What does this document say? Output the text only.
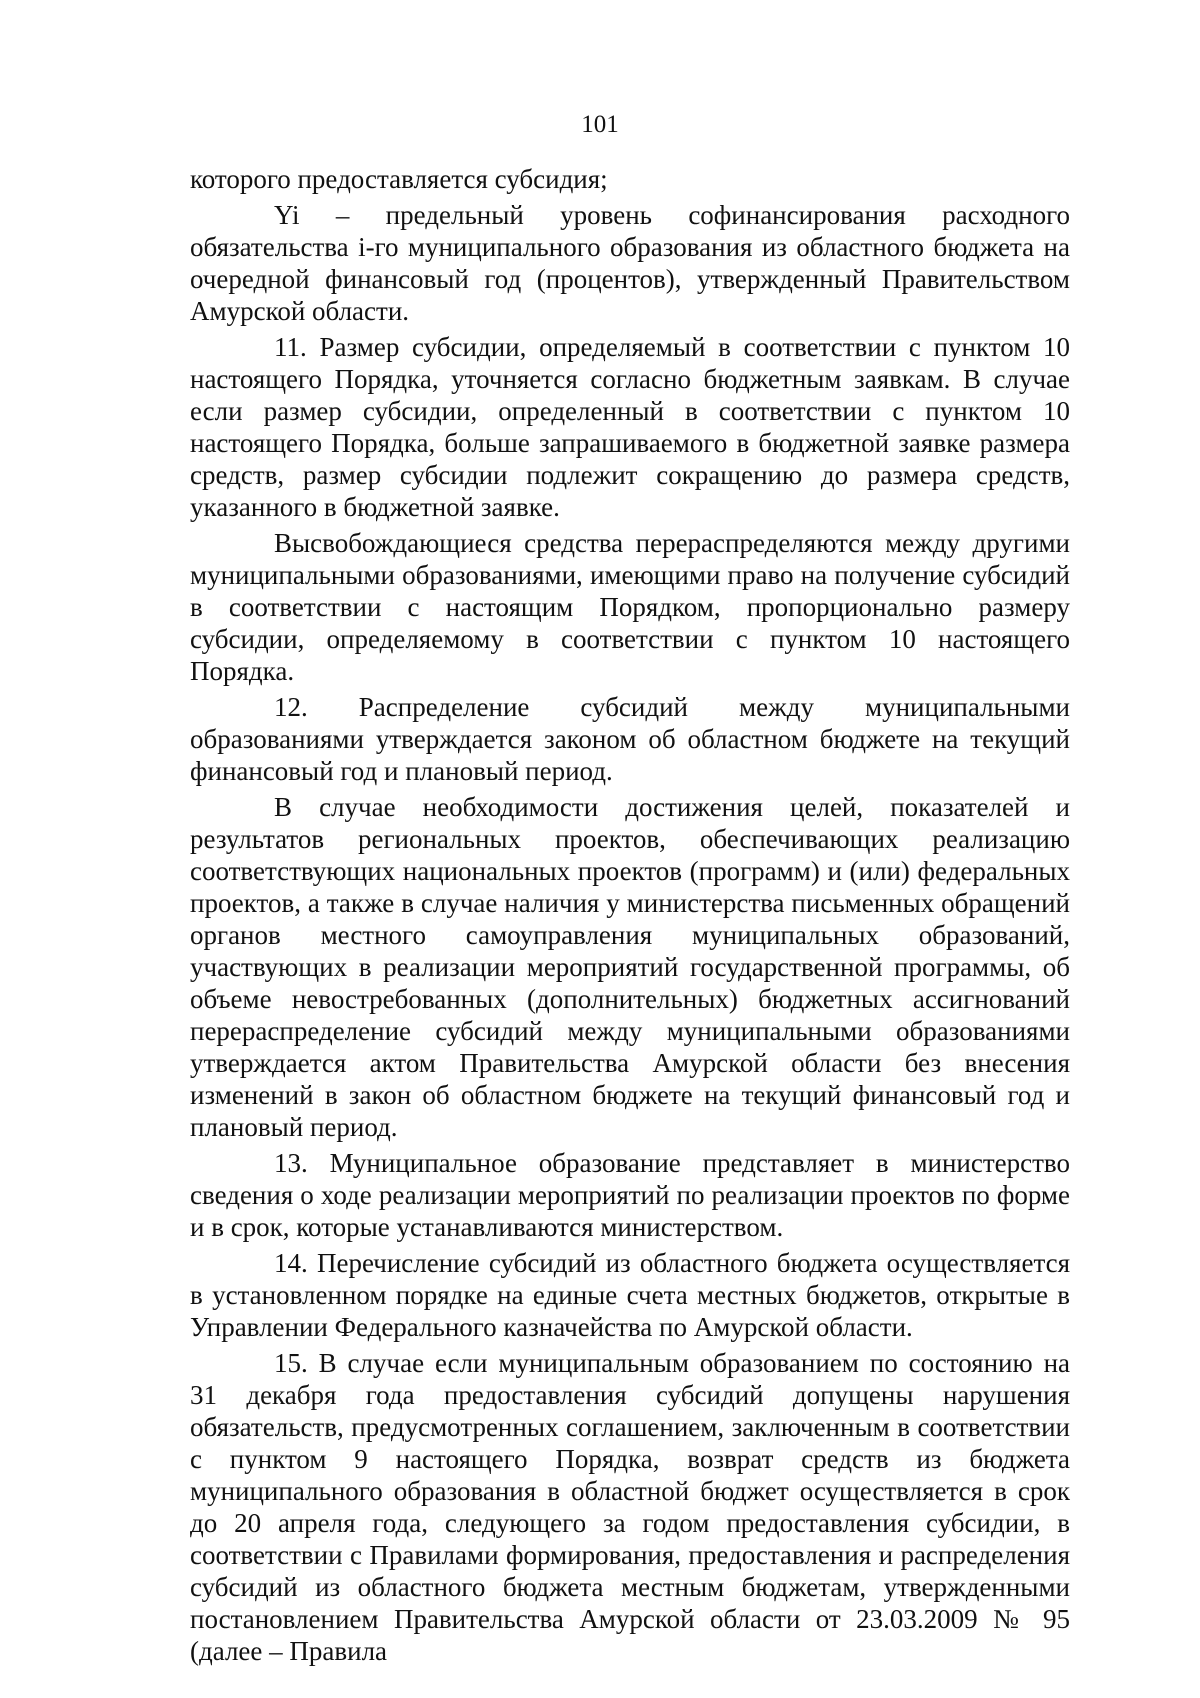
101

которого предоставляется субсидия;

Yi – предельный уровень софинансирования расходного обязательства i-го муниципального образования из областного бюджета на очередной финансовый год (процентов), утвержденный Правительством Амурской области.

11. Размер субсидии, определяемый в соответствии с пунктом 10 настоящего Порядка, уточняется согласно бюджетным заявкам. В случае если размер субсидии, определенный в соответствии с пунктом 10 настоящего Порядка, больше запрашиваемого в бюджетной заявке размера средств, размер субсидии подлежит сокращению до размера средств, указанного в бюджетной заявке.

Высвобождающиеся средства перераспределяются между другими муниципальными образованиями, имеющими право на получение субсидий в соответствии с настоящим Порядком, пропорционально размеру субсидии, определяемому в соответствии с пунктом 10 настоящего Порядка.

12. Распределение субсидий между муниципальными образованиями утверждается законом об областном бюджете на текущий финансовый год и плановый период.

В случае необходимости достижения целей, показателей и результатов региональных проектов, обеспечивающих реализацию соответствующих национальных проектов (программ) и (или) федеральных проектов, а также в случае наличия у министерства письменных обращений органов местного самоуправления муниципальных образований, участвующих в реализации мероприятий государственной программы, об объеме невостребованных (дополнительных) бюджетных ассигнований перераспределение субсидий между муниципальными образованиями утверждается актом Правительства Амурской области без внесения изменений в закон об областном бюджете на текущий финансовый год и плановый период.

13. Муниципальное образование представляет в министерство сведения о ходе реализации мероприятий по реализации проектов по форме и в срок, которые устанавливаются министерством.

14. Перечисление субсидий из областного бюджета осуществляется в установленном порядке на единые счета местных бюджетов, открытые в Управлении Федерального казначейства по Амурской области.

15. В случае если муниципальным образованием по состоянию на 31 декабря года предоставления субсидий допущены нарушения обязательств, предусмотренных соглашением, заключенным в соответствии с пунктом 9 настоящего Порядка, возврат средств из бюджета муниципального образования в областной бюджет осуществляется в срок до 20 апреля года, следующего за годом предоставления субсидии, в соответствии с Правилами формирования, предоставления и распределения субсидий из областного бюджета местным бюджетам, утвержденными постановлением Правительства Амурской области от 23.03.2009 № 95 (далее – Правила
